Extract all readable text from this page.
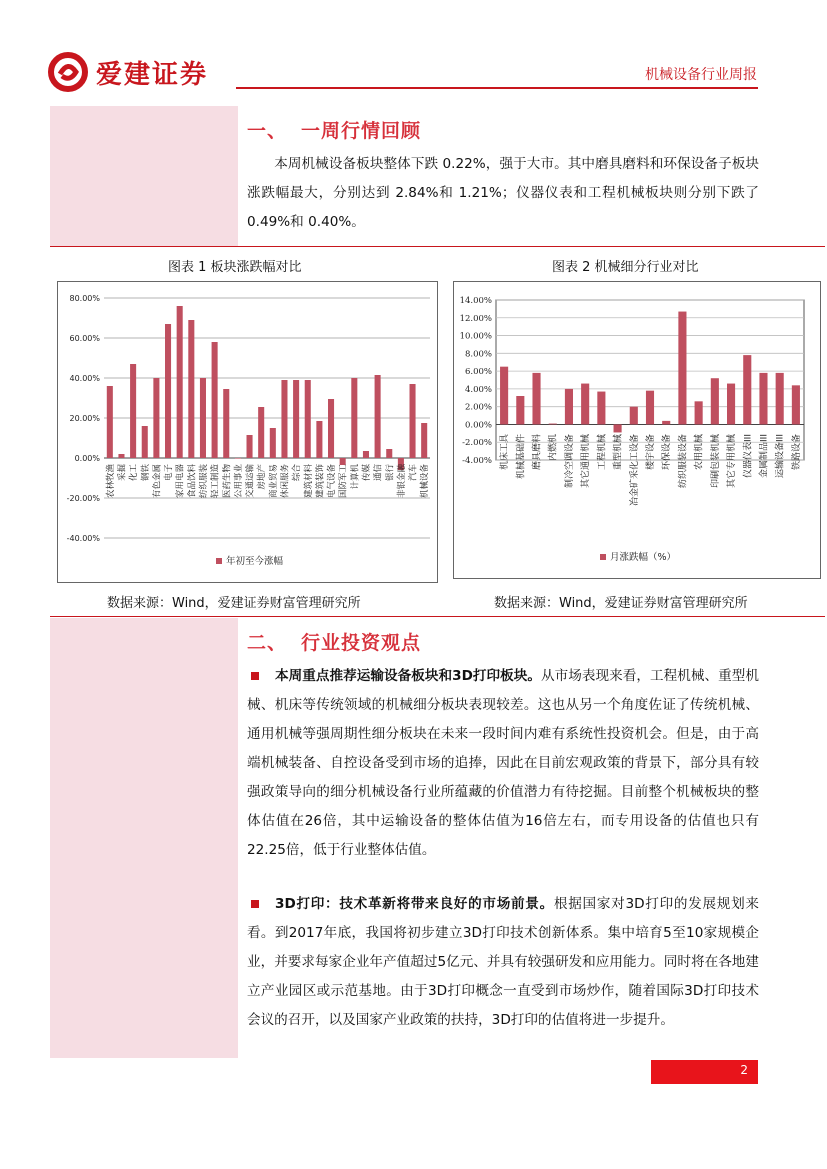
爱建证券	机械设备行业周报
一、 一周行情回顾
本周机械设备板块整体下跌 0.22%，强于大市。其中磨具磨料和环保设备子板块涨跌幅最大，分别达到 2.84%和 1.21%；仪器仪表和工程机械板块则分别下跌了0.49%和 0.40%。
图表 1 板块涨跌幅对比	图表 2 机械细分行业对比
80.00%
60.00%
40.00%
20.00%
0.00%
-20.00%
-40.00%
农林牧渔 采掘 化工 钢铁 有色金属 电子 家用电器 食品饮料 纺织服装 轻工制造 医药生物 公用事业 交通运输 房地产 商业贸易 休闲服务 综合 建筑材料 建筑装饰 电气设备 国防军工 计算机 传媒 通信 银行 非银金融 汽车 机械设备
年初至今涨幅
14.00%
12.00%
10.00%
8.00%
6.00%
4.00%
2.00%
0.00%
-2.00%
-4.00% 机床工具 机械基础件 磨具磨料 内燃机 制冷空调设备 其它通用机械 工程机械 重型机械 冶金矿采化工设备 楼宇设备 环保设备 纺织服装设备 农用机械 印刷包装机械 其它专用机械 仪器仪表III 金属制品III 运输设备III 铁路设备
月涨跌幅（%）
数据来源：Wind，爱建证券财富管理研究所	数据来源：Wind，爱建证券财富管理研究所
二、 行业投资观点
本周重点推荐运输设备板块和3D打印板块。从市场表现来看，工程机械、重型机械、机床等传统领域的机械细分板块表现较差。这也从另一个角度佐证了传统机械、通用机械等强周期性细分板块在未来一段时间内难有系统性投资机会。但是，由于高端机械装备、自控设备受到市场的追捧，因此在目前宏观政策的背景下，部分具有较强政策导向的细分机械设备行业所蕴藏的价值潜力有待挖掘。目前整个机械板块的整体估值在26倍，其中运输设备的整体估值为16倍左右，而专用设备的估值也只有22.25倍，低于行业整体估值。
3D打印：技术革新将带来良好的市场前景。根据国家对3D打印的发展规划来看。到2017年底，我国将初步建立3D打印技术创新体系。集中培育5至10家规模企业，并要求每家企业年产值超过5亿元、并具有较强研发和应用能力。同时将在各地建立产业园区或示范基地。由于3D打印概念一直受到市场炒作，随着国际3D打印技术会议的召开，以及国家产业政策的扶持，3D打印的估值将进一步提升。
2
